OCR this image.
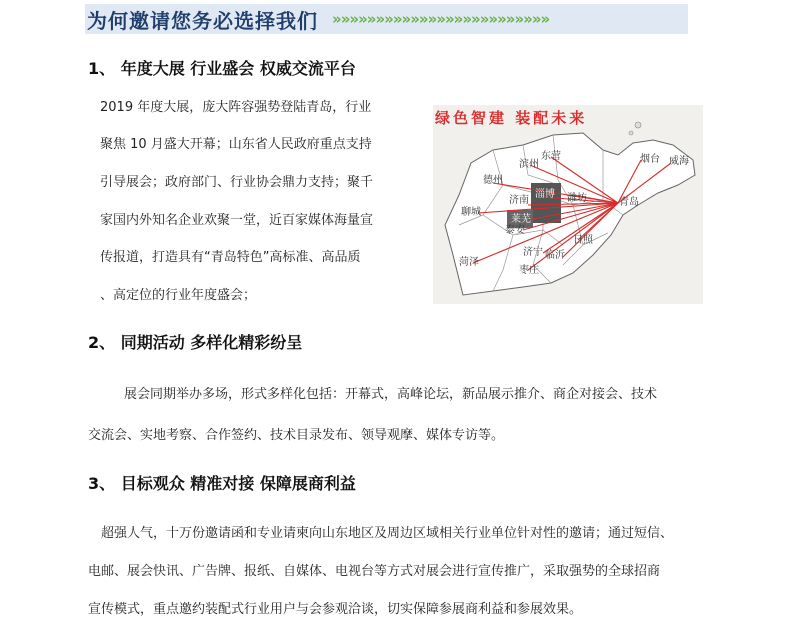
为何邀请您务必选择我们 »»»»»»»»»»»»»»»»»»»»»»»»»
1、 年度大展 行业盛会 权威交流平台
2019 年度大展，庞大阵容强势登陆青岛，行业
聚焦 10 月盛大开幕；山东省人民政府重点支持
引导展会；政府部门、行业协会鼎力支持；聚千
家国内外知名企业欢聚一堂，近百家媒体海量宣
传报道，打造具有“青岛特色”高标准、高品质
、高定位的行业年度盛会；
东营
滨州	烟台 威海
德州
淄博 潍坊
济南	青岛
聊城
莱芜
泰安
日照
济宁 临沂
菏泽
枣庄
绿色智建 装配未来
2、 同期活动 多样化精彩纷呈
展会同期举办多场，形式多样化包括：开幕式，高峰论坛，新品展示推介、商企对接会、技术
交流会、实地考察、合作签约、技术目录发布、领导观摩、媒体专访等。
3、 目标观众 精准对接 保障展商利益
超强人气，十万份邀请函和专业请柬向山东地区及周边区域相关行业单位针对性的邀请；通过短信、
电邮、展会快讯、广告牌、报纸、自媒体、电视台等方式对展会进行宣传推广，采取强势的全球招商
宣传模式，重点邀约装配式行业用户与会参观洽谈，切实保障参展商利益和参展效果。
